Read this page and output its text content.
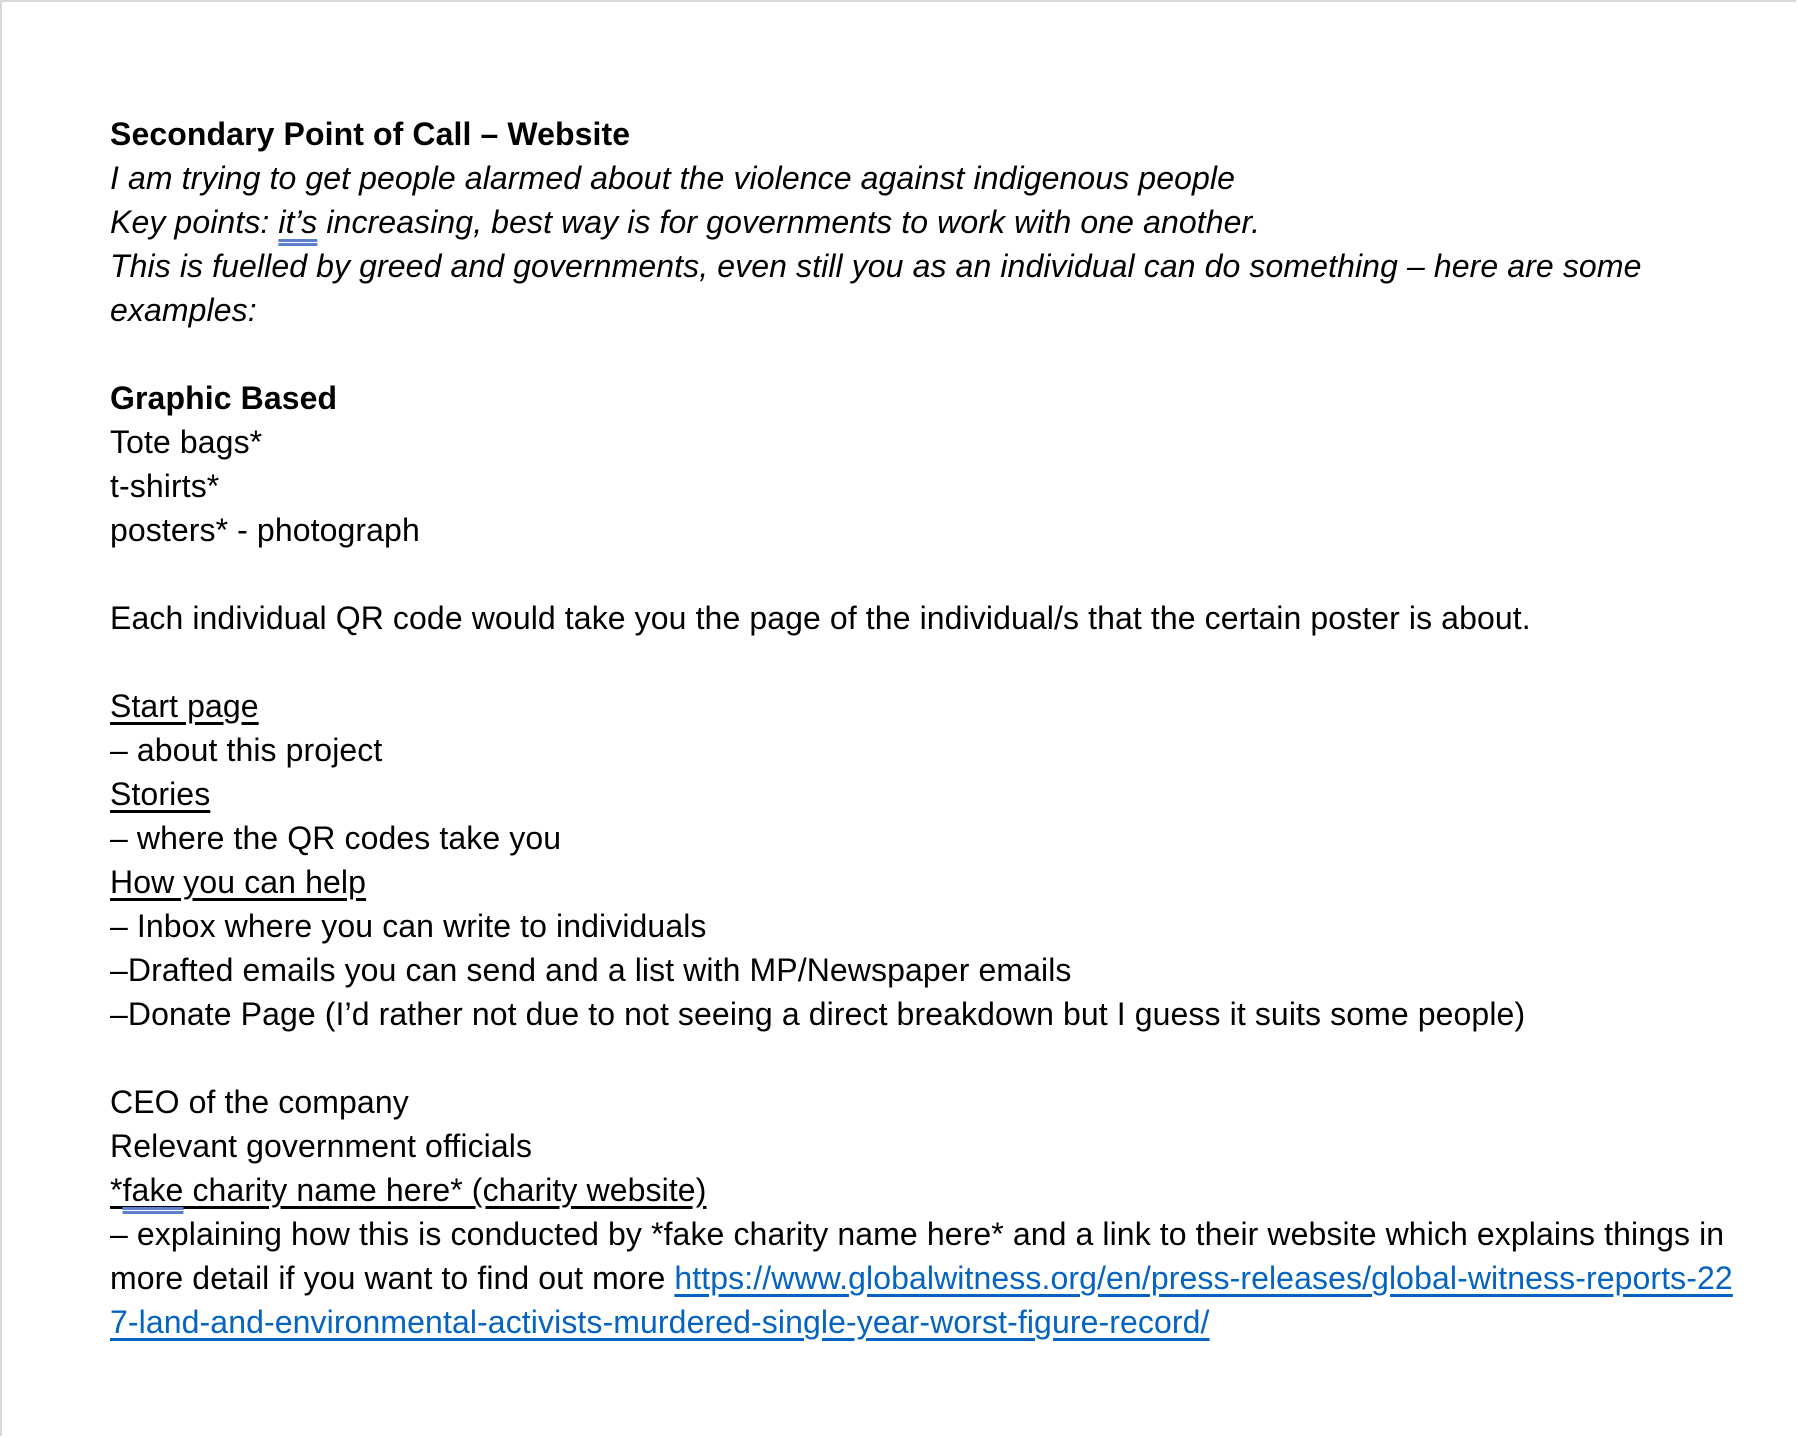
Secondary Point of Call – Website
I am trying to get people alarmed about the violence against indigenous people
Key points: it’s increasing, best way is for governments to work with one another.
This is fuelled by greed and governments, even still you as an individual can do something – here are some examples:
Graphic Based
Tote bags*
t-shirts*
posters* - photograph
Each individual QR code would take you the page of the individual/s that the certain poster is about.
Start page
– about this project
Stories
– where the QR codes take you
How you can help
– Inbox where you can write to individuals
–Drafted emails you can send and a list with MP/Newspaper emails
–Donate Page (I’d rather not due to not seeing a direct breakdown but I guess it suits some people)
CEO of the company
Relevant government officials
*fake charity name here* (charity website)
– explaining how this is conducted by *fake charity name here* and a link to their website which explains things in more detail if you want to find out more https://www.globalwitness.org/en/press-releases/global-witness-reports-227-land-and-environmental-activists-murdered-single-year-worst-figure-record/
